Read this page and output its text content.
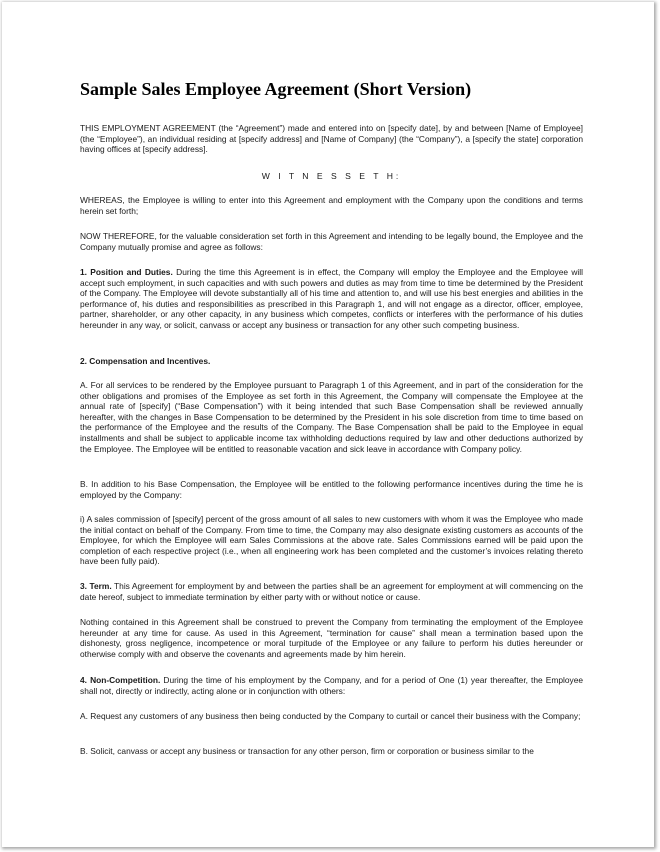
Sample Sales Employee Agreement (Short Version)

THIS EMPLOYMENT AGREEMENT (the “Agreement”) made and entered into on [specify date], by and between [Name of Employee] (the “Employee”), an individual residing at [specify address] and [Name of Company] (the “Company”), a [specify the state] corporation having offices at [specify address].

W I T N E S S E T H:

WHEREAS, the Employee is willing to enter into this Agreement and employment with the Company upon the conditions and terms herein set forth;

NOW THEREFORE, for the valuable consideration set forth in this Agreement and intending to be legally bound, the Employee and the Company mutually promise and agree as follows:

1. Position and Duties. During the time this Agreement is in effect, the Company will employ the Employee and the Employee will accept such employment, in such capacities and with such powers and duties as may from time to time be determined by the President of the Company. The Employee will devote substantially all of his time and attention to, and will use his best energies and abilities in the performance of, his duties and responsibilities as prescribed in this Paragraph 1, and will not engage as a director, officer, employee, partner, shareholder, or any other capacity, in any business which competes, conflicts or interferes with the performance of his duties hereunder in any way, or solicit, canvass or accept any business or transaction for any other such competing business.

2. Compensation and Incentives.

A. For all services to be rendered by the Employee pursuant to Paragraph 1 of this Agreement, and in part of the consideration for the other obligations and promises of the Employee as set forth in this Agreement, the Company will compensate the Employee at the annual rate of [specify] (“Base Compensation”) with it being intended that such Base Compensation shall be reviewed annually hereafter, with the changes in Base Compensation to be determined by the President in his sole discretion from time to time based on the performance of the Employee and the results of the Company. The Base Compensation shall be paid to the Employee in equal installments and shall be subject to applicable income tax withholding deductions required by law and other deductions authorized by the Employee. The Employee will be entitled to reasonable vacation and sick leave in accordance with Company policy.

B. In addition to his Base Compensation, the Employee will be entitled to the following performance incentives during the time he is employed by the Company:

i) A sales commission of [specify] percent of the gross amount of all sales to new customers with whom it was the Employee who made the initial contact on behalf of the Company. From time to time, the Company may also designate existing customers as accounts of the Employee, for which the Employee will earn Sales Commissions at the above rate. Sales Commissions earned will be paid upon the completion of each respective project (i.e., when all engineering work has been completed and the customer’s invoices relating thereto have been fully paid).

3. Term. This Agreement for employment by and between the parties shall be an agreement for employment at will commencing on the date hereof, subject to immediate termination by either party with or without notice or cause.

Nothing contained in this Agreement shall be construed to prevent the Company from terminating the employment of the Employee hereunder at any time for cause. As used in this Agreement, “termination for cause” shall mean a termination based upon the dishonesty, gross negligence, incompetence or moral turpitude of the Employee or any failure to perform his duties hereunder or otherwise comply with and observe the covenants and agreements made by him herein.

4. Non-Competition. During the time of his employment by the Company, and for a period of One (1) year thereafter, the Employee shall not, directly or indirectly, acting alone or in conjunction with others:

A. Request any customers of any business then being conducted by the Company to curtail or cancel their business with the Company;

B. Solicit, canvass or accept any business or transaction for any other person, firm or corporation or business similar to the
